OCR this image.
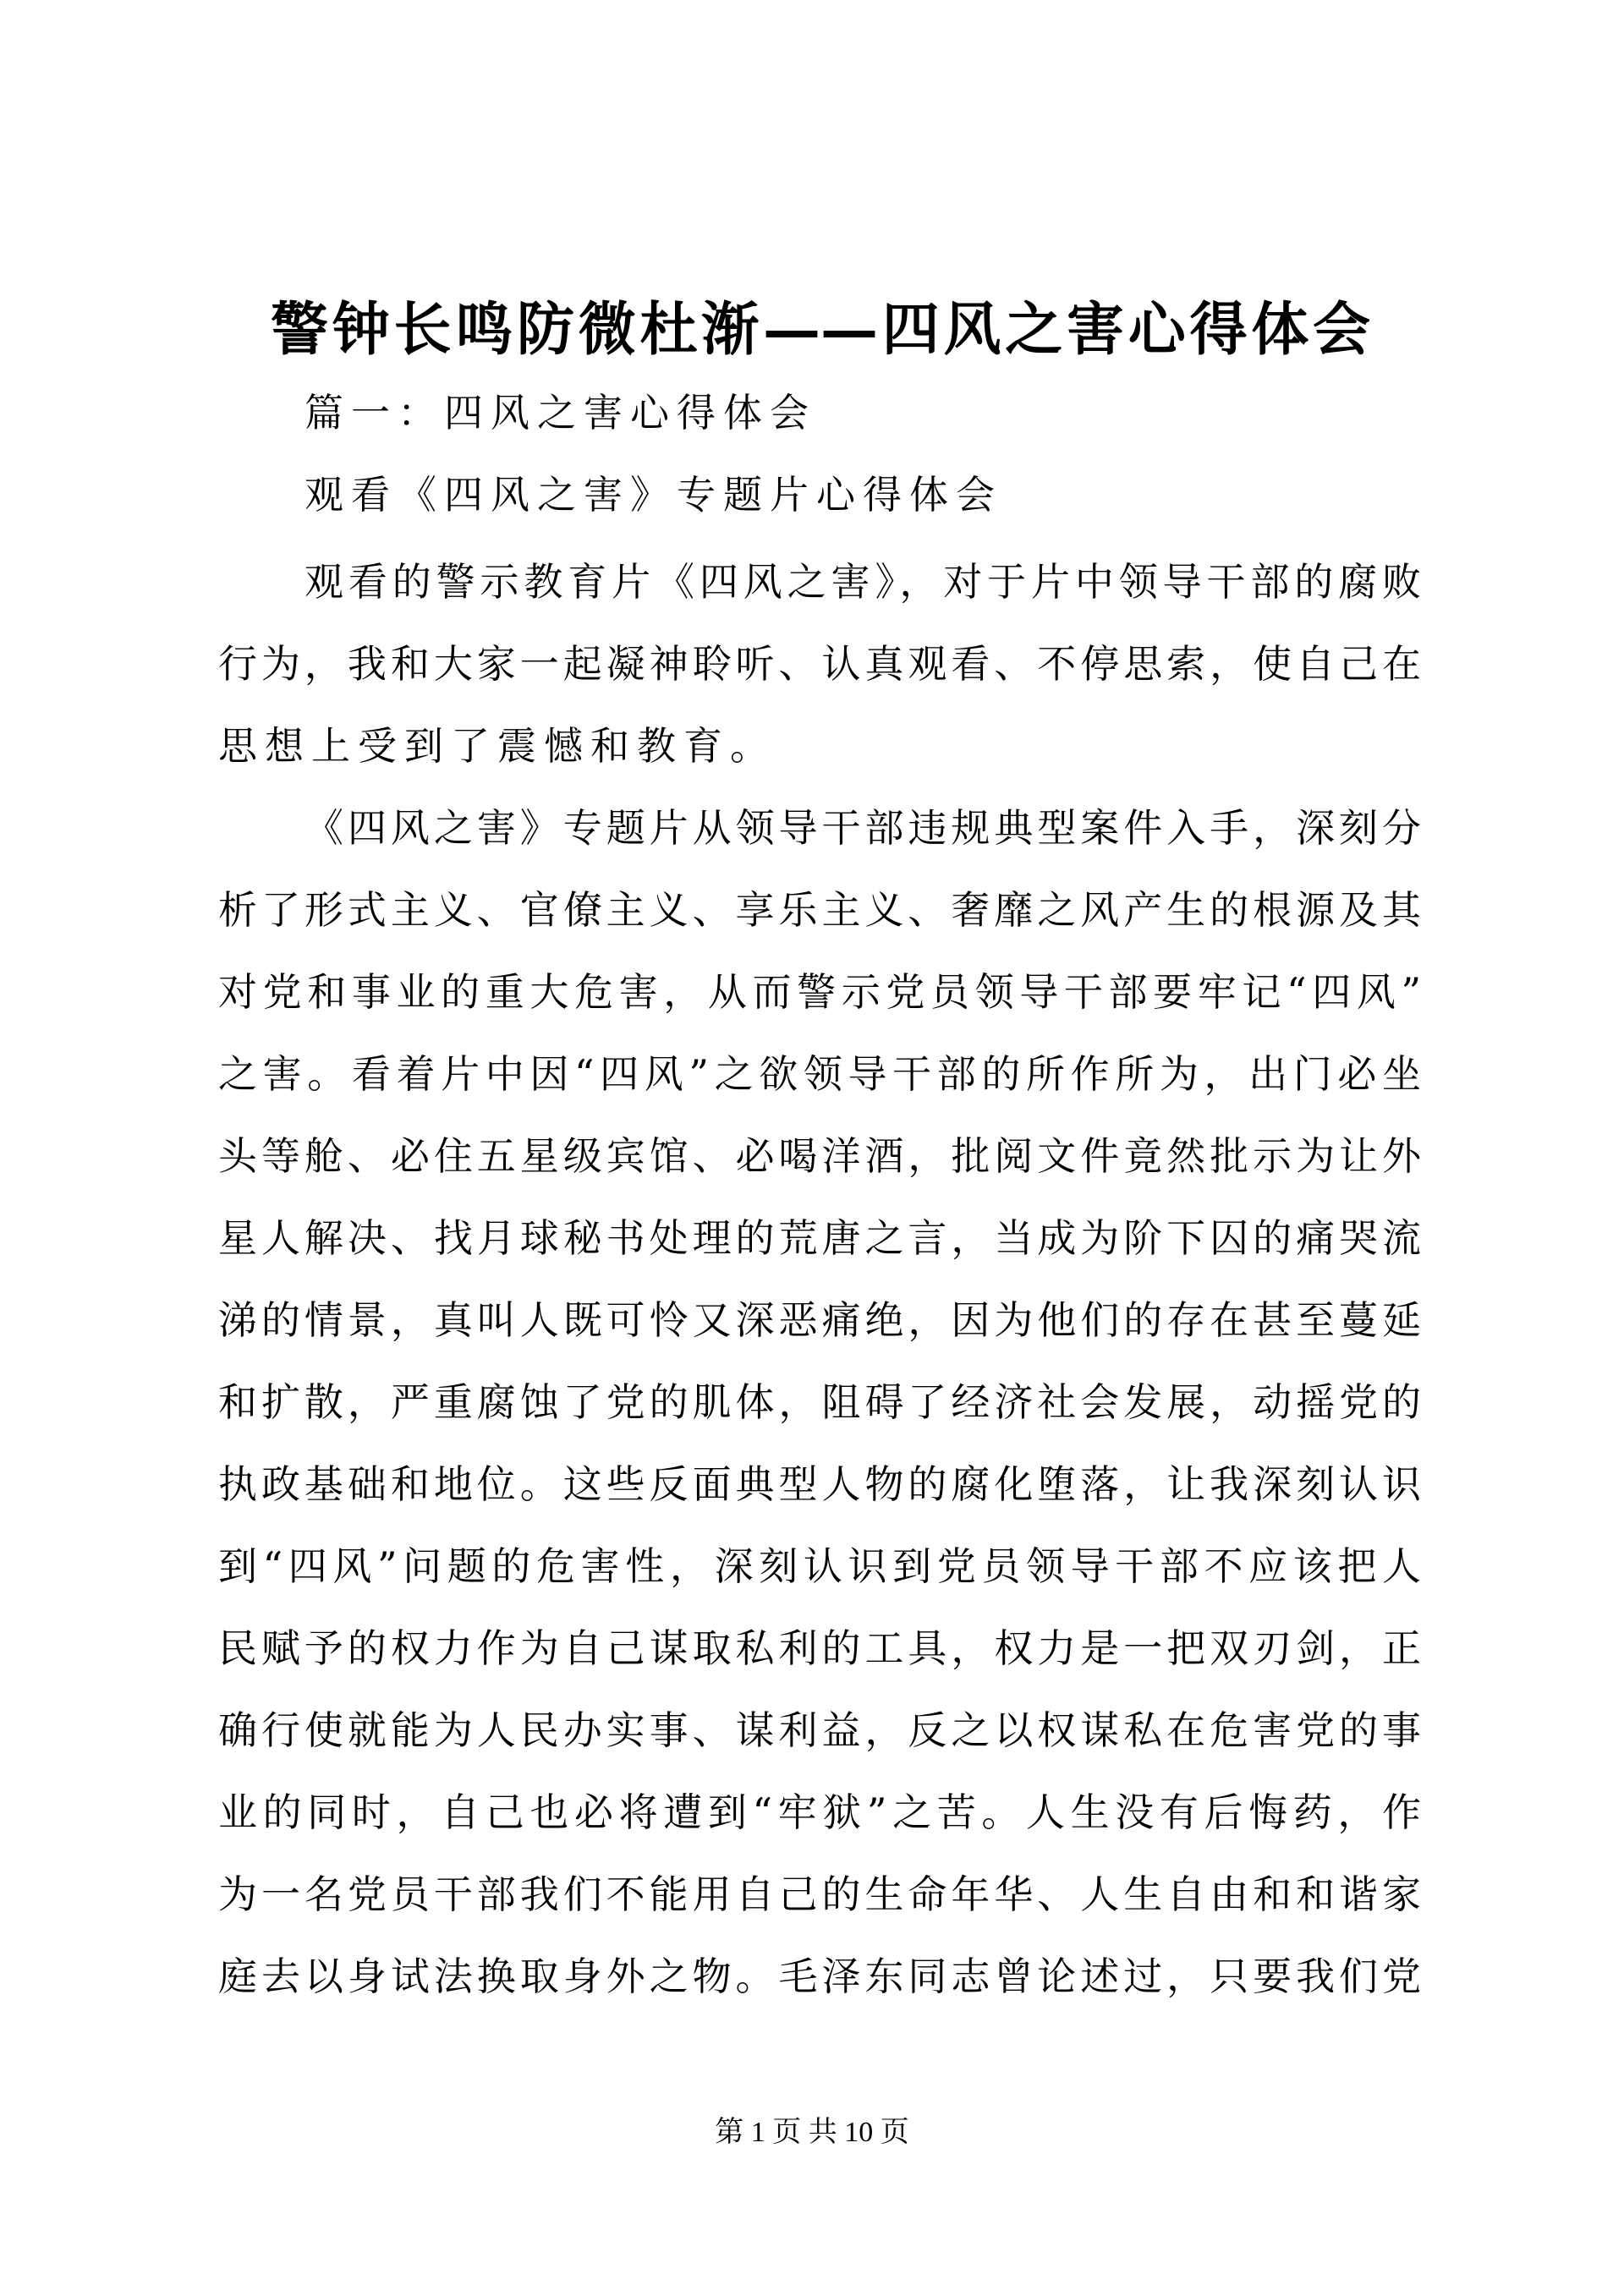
警钟长鸣防微杜渐——四风之害心得体会
篇一：四风之害心得体会
观看《四风之害》专题片心得体会
观看的警示教育片《四风之害》，对于片中领导干部的腐败
行为，我和大家一起凝神聆听、认真观看、不停思索，使自己在
思想上受到了震憾和教育。
《四风之害》专题片从领导干部违规典型案件入手，深刻分
析了形式主义、官僚主义、享乐主义、奢靡之风产生的根源及其
对党和事业的重大危害，从而警示党员领导干部要牢记“四风”
之害。看着片中因“四风”之欲领导干部的所作所为，出门必坐
头等舱、必住五星级宾馆、必喝洋酒，批阅文件竟然批示为让外
星人解决、找月球秘书处理的荒唐之言，当成为阶下囚的痛哭流
涕的情景，真叫人既可怜又深恶痛绝，因为他们的存在甚至蔓延
和扩散，严重腐蚀了党的肌体，阻碍了经济社会发展，动摇党的
执政基础和地位。这些反面典型人物的腐化堕落，让我深刻认识
到“四风”问题的危害性，深刻认识到党员领导干部不应该把人
民赋予的权力作为自己谋取私利的工具，权力是一把双刃剑，正
确行使就能为人民办实事、谋利益，反之以权谋私在危害党的事
业的同时，自己也必将遭到“牢狱”之苦。人生没有后悔药，作
为一名党员干部我们不能用自己的生命年华、人生自由和和谐家
庭去以身试法换取身外之物。毛泽东同志曾论述过，只要我们党
第 1 页 共 10 页
